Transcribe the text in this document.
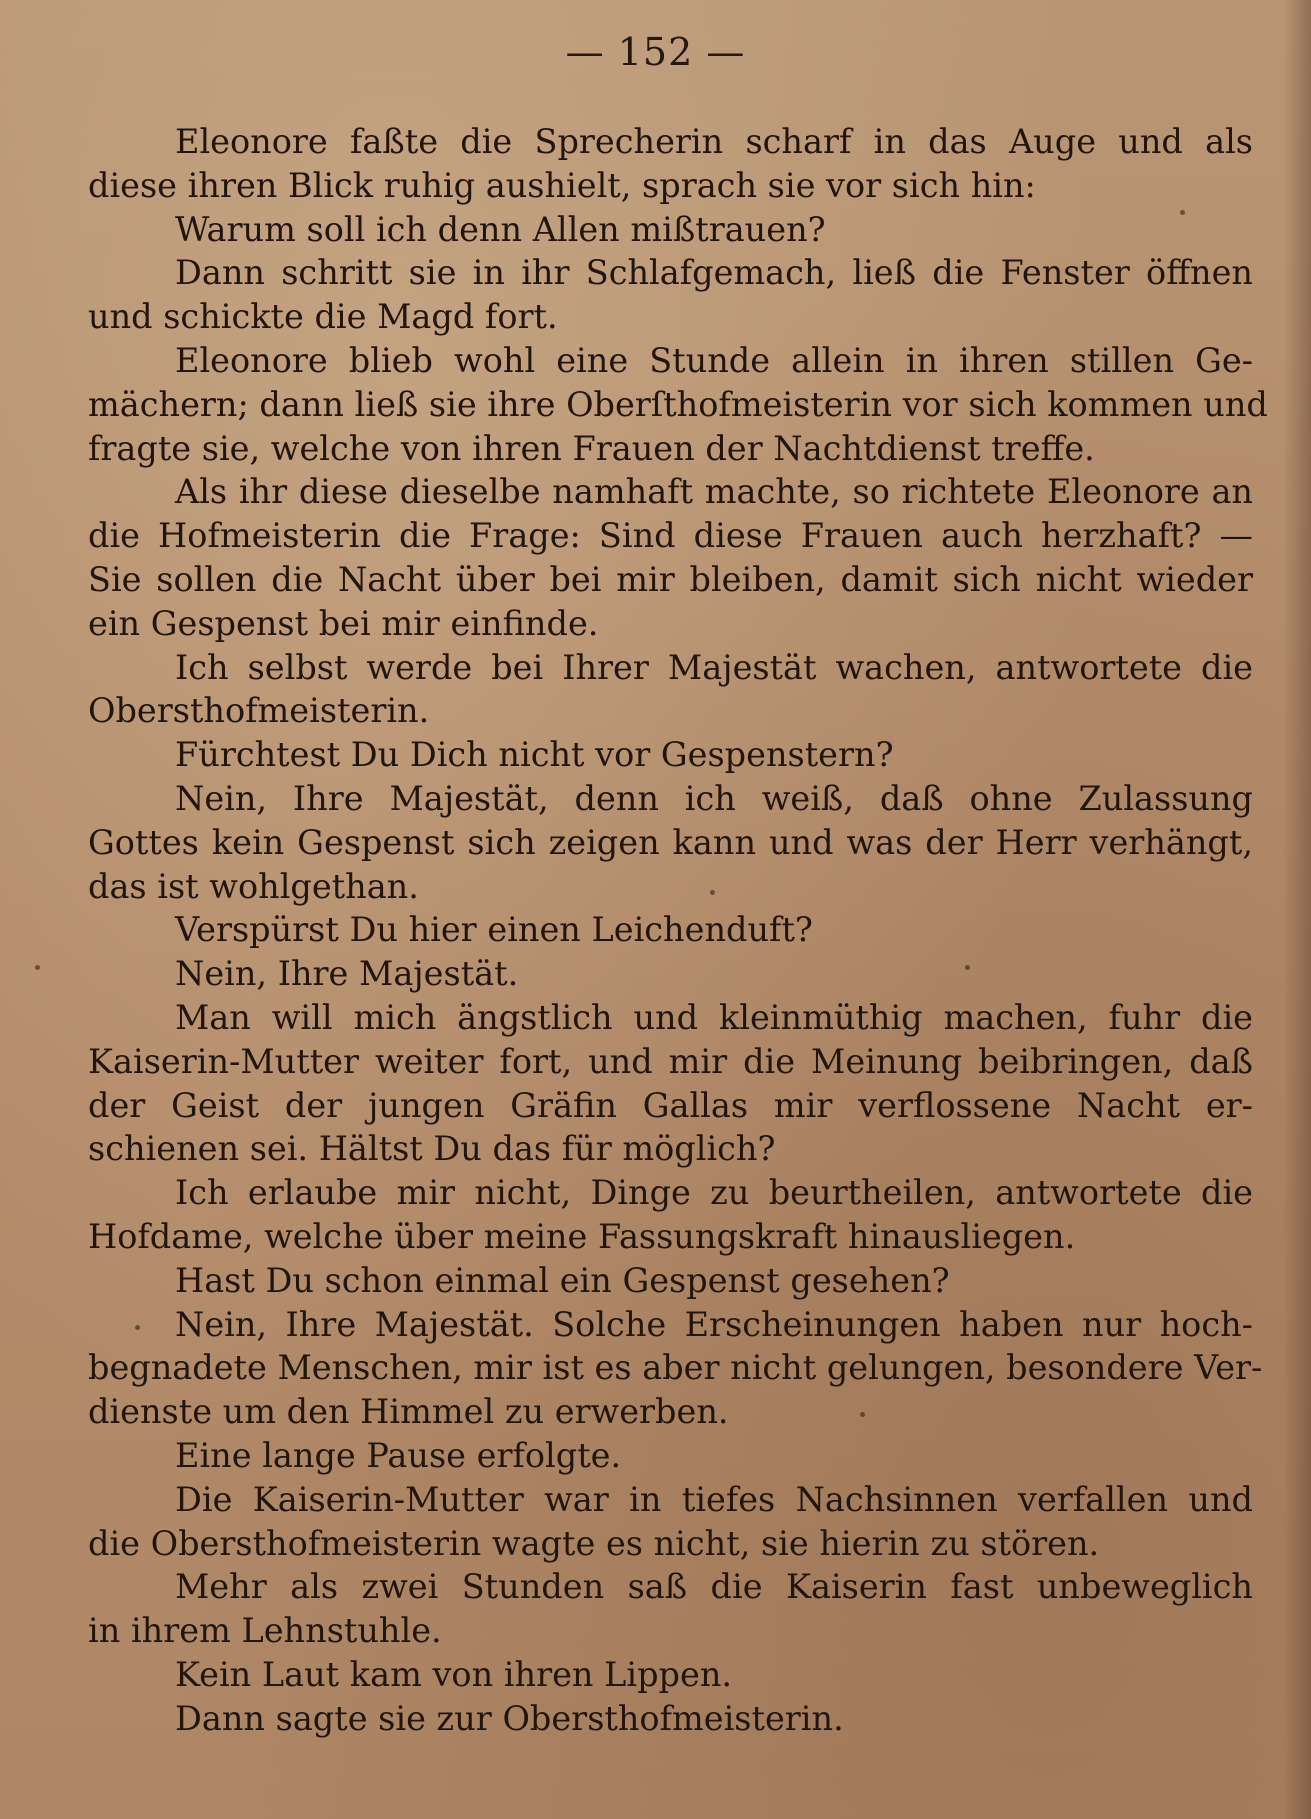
— 152 —
Eleonore faßte die Sprecherin scharf in das Auge und als
diese ihren Blick ruhig aushielt, sprach sie vor sich hin:
Warum soll ich denn Allen mißtrauen?
Dann schritt sie in ihr Schlafgemach, ließ die Fenster öffnen
und schickte die Magd fort.
Eleonore blieb wohl eine Stunde allein in ihren stillen Ge-
mächern; dann ließ sie ihre Oberſthofmeisterin vor sich kommen und
fragte sie, welche von ihren Frauen der Nachtdienst treffe.
Als ihr diese dieselbe namhaft machte, so richtete Eleonore an
die Hofmeisterin die Frage: Sind diese Frauen auch herzhaft? —
Sie sollen die Nacht über bei mir bleiben, damit sich nicht wieder
ein Gespenst bei mir einfinde.
Ich selbst werde bei Ihrer Majestät wachen, antwortete die
Obersthofmeisterin.
Fürchtest Du Dich nicht vor Gespenstern?
Nein, Ihre Majestät, denn ich weiß, daß ohne Zulassung
Gottes kein Gespenst sich zeigen kann und was der Herr verhängt,
das ist wohlgethan.
Verspürst Du hier einen Leichenduft?
Nein, Ihre Majestät.
Man will mich ängstlich und kleinmüthig machen, fuhr die
Kaiserin-Mutter weiter fort, und mir die Meinung beibringen, daß
der Geist der jungen Gräfin Gallas mir verflossene Nacht er-
schienen sei. Hältst Du das für möglich?
Ich erlaube mir nicht, Dinge zu beurtheilen, antwortete die
Hofdame, welche über meine Fassungskraft hinausliegen.
Hast Du schon einmal ein Gespenst gesehen?
Nein, Ihre Majestät. Solche Erscheinungen haben nur hoch-
begnadete Menschen, mir ist es aber nicht gelungen, besondere Ver-
dienste um den Himmel zu erwerben.
Eine lange Pause erfolgte.
Die Kaiserin-Mutter war in tiefes Nachsinnen verfallen und
die Obersthofmeisterin wagte es nicht, sie hierin zu stören.
Mehr als zwei Stunden saß die Kaiserin fast unbeweglich
in ihrem Lehnstuhle.
Kein Laut kam von ihren Lippen.
Dann sagte sie zur Obersthofmeisterin.
